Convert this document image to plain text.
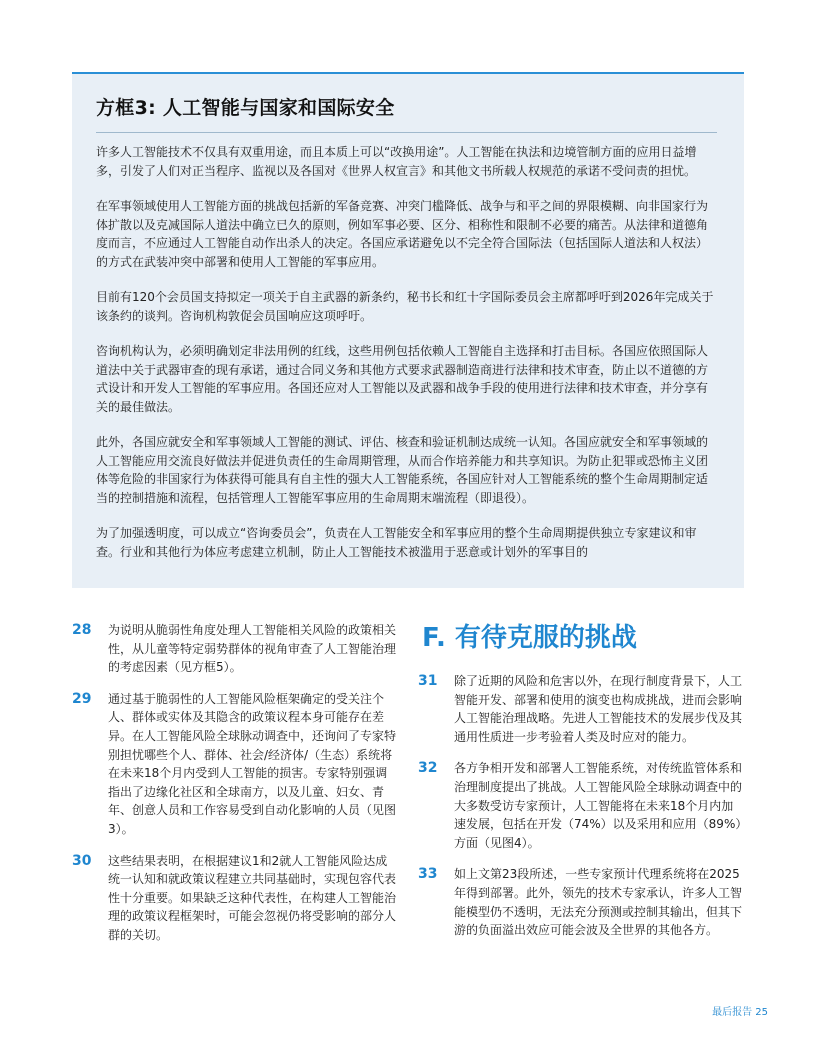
方框3: 人工智能与国家和国际安全

许多人工智能技术不仅具有双重用途，而且本质上可以“改换用途”。人工智能在执法和边境管制方面的应用日益增多，引发了人们对正当程序、监视以及各国对《世界人权宣言》和其他文书所载人权规范的承诺不受问责的担忧。

在军事领域使用人工智能方面的挑战包括新的军备竞赛、冲突门槛降低、战争与和平之间的界限模糊、向非国家行为体扩散以及克减国际人道法中确立已久的原则，例如军事必要、区分、相称性和限制不必要的痛苦。从法律和道德角度而言，不应通过人工智能自动作出杀人的决定。各国应承诺避免以不完全符合国际法（包括国际人道法和人权法）的方式在武装冲突中部署和使用人工智能的军事应用。

目前有120个会员国支持拟定一项关于自主武器的新条约，秘书长和红十字国际委员会主席都呼吁到2026年完成关于该条约的谈判。咨询机构敦促会员国响应这项呼吁。

咨询机构认为，必须明确划定非法用例的红线，这些用例包括依赖人工智能自主选择和打击目标。各国应依照国际人道法中关于武器审查的现有承诺，通过合同义务和其他方式要求武器制造商进行法律和技术审查，防止以不道德的方式设计和开发人工智能的军事应用。各国还应对人工智能以及武器和战争手段的使用进行法律和技术审查，并分享有关的最佳做法。

此外，各国应就安全和军事领域人工智能的测试、评估、核查和验证机制达成统一认知。各国应就安全和军事领域的人工智能应用交流良好做法并促进负责任的生命周期管理，从而合作培养能力和共享知识。为防止犯罪或恐怖主义团体等危险的非国家行为体获得可能具有自主性的强大人工智能系统，各国应针对人工智能系统的整个生命周期制定适当的控制措施和流程，包括管理人工智能军事应用的生命周期末端流程（即退役）。

为了加强透明度，可以成立“咨询委员会”，负责在人工智能安全和军事应用的整个生命周期提供独立专家建议和审查。行业和其他行为体应考虑建立机制，防止人工智能技术被滥用于恶意或计划外的军事目的

28	为说明从脆弱性角度处理人工智能相关风险的政策相关性，从儿童等特定弱势群体的视角审查了人工智能治理的考虑因素（见方框5）。
29	通过基于脆弱性的人工智能风险框架确定的受关注个人、群体或实体及其隐含的政策议程本身可能存在差异。在人工智能风险全球脉动调查中，还询问了专家特别担忧哪些个人、群体、社会/经济体/（生态）系统将在未来18个月内受到人工智能的损害。专家特别强调指出了边缘化社区和全球南方，以及儿童、妇女、青年、创意人员和工作容易受到自动化影响的人员（见图3）。
30	这些结果表明，在根据建议1和2就人工智能风险达成统一认知和就政策议程建立共同基础时，实现包容代表性十分重要。如果缺乏这种代表性，在构建人工智能治理的政策议程框架时，可能会忽视仍将受影响的部分人群的关切。
F. 有待克服的挑战
31	除了近期的风险和危害以外，在现行制度背景下，人工智能开发、部署和使用的演变也构成挑战，进而会影响人工智能治理战略。先进人工智能技术的发展步伐及其通用性质进一步考验着人类及时应对的能力。
32	各方争相开发和部署人工智能系统，对传统监管体系和治理制度提出了挑战。人工智能风险全球脉动调查中的大多数受访专家预计，人工智能将在未来18个月内加速发展，包括在开发（74%）以及采用和应用（89%）方面（见图4）。
33	如上文第23段所述，一些专家预计代理系统将在2025年得到部署。此外，领先的技术专家承认，许多人工智能模型仍不透明，无法充分预测或控制其输出，但其下游的负面溢出效应可能会波及全世界的其他各方。
最后报告 25
